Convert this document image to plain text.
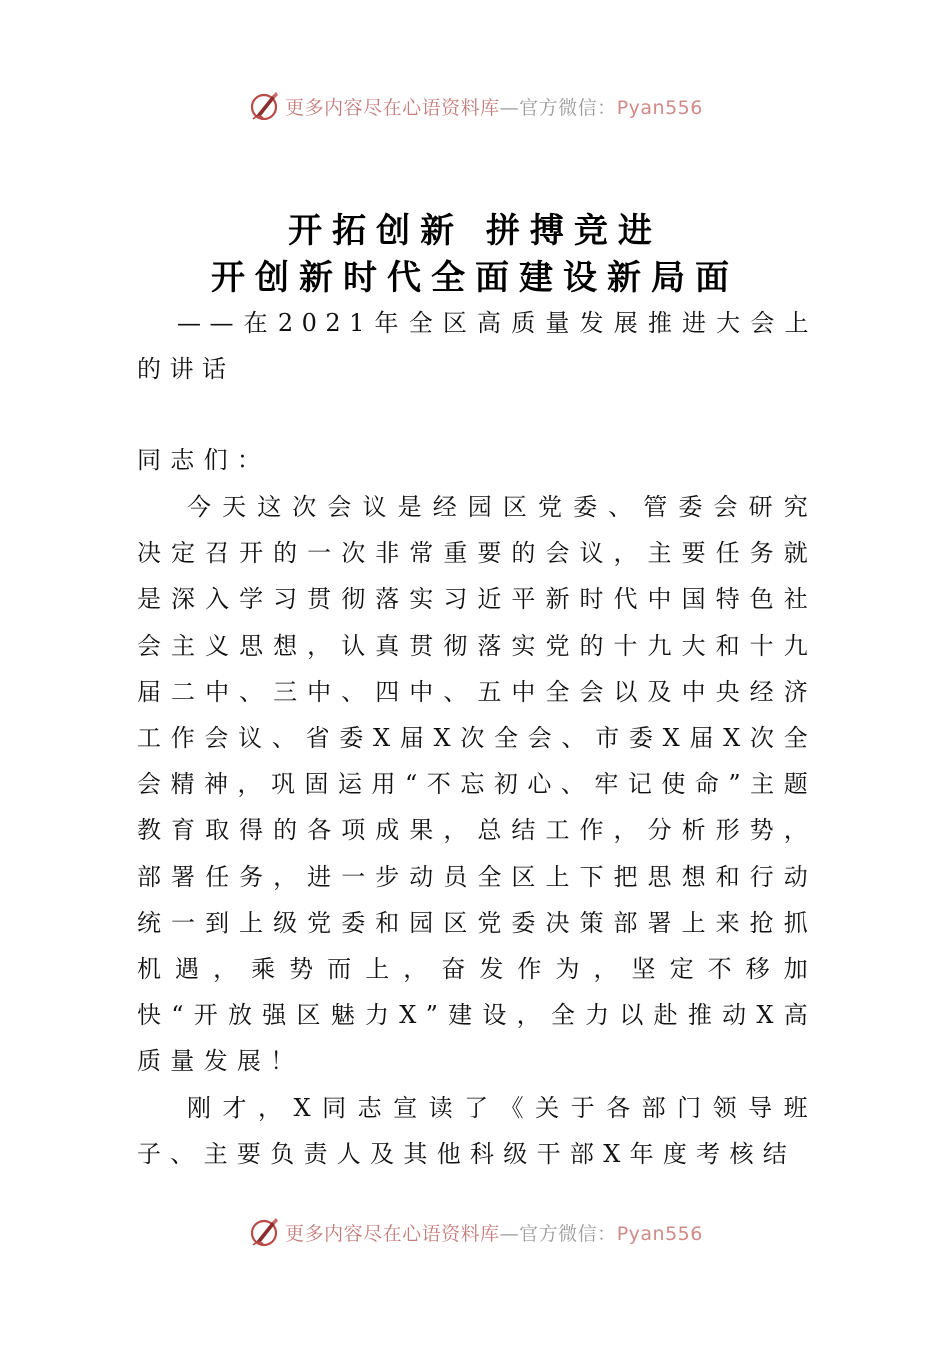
更多内容尽在心语资料库—官方微信：Pyan556
开拓创新 拼搏竞进
开创新时代全面建设新局面
——在2021年全区高质量发展推进大会上的讲话
同志们：
今天这次会议是经园区党委、管委会研究决定召开的一次非常重要的会议，主要任务就是深入学习贯彻落实习近平新时代中国特色社会主义思想，认真贯彻落实党的十九大和十九届二中、三中、四中、五中全会以及中央经济工作会议、省委X届X次全会、市委X届X次全会精神，巩固运用“不忘初心、牢记使命”主题教育取得的各项成果，总结工作，分析形势，部署任务，进一步动员全区上下把思想和行动统一到上级党委和园区党委决策部署上来抢抓机遇，乘势而上，奋发作为，坚定不移加快“开放强区魅力X”建设，全力以赴推动X高质量发展！
刚才，X同志宣读了《关于各部门领导班子、主要负责人及其他科级干部X年度考核结
更多内容尽在心语资料库—官方微信：Pyan556
